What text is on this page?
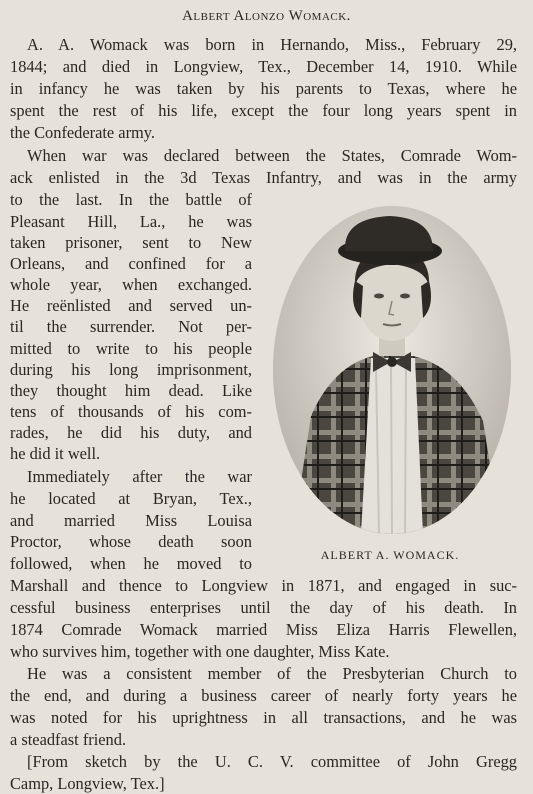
Albert Alonzo Womack.
A. A. Womack was born in Hernando, Miss., February 29,
1844; and died in Longview, Tex., December 14, 1910. While
in infancy he was taken by his parents to Texas, where he
spent the rest of his life, except the four long years spent in
the Confederate army.
When war was declared between the States, Comrade Wom-
ack enlisted in the 3d Texas Infantry, and was in the army
to the last. In the battle of
Pleasant Hill, La., he was
taken prisoner, sent to New
Orleans, and confined for a
whole year, when exchanged.
He reënlisted and served un-
til the surrender. Not per-
mitted to write to his people
during his long imprisonment,
they thought him dead. Like
tens of thousands of his com-
rades, he did his duty, and
he did it well.
Immediately after the war
he located at Bryan, Tex.,
and married Miss Louisa
Proctor, whose death soon
followed, when he moved to
Marshall and thence to Longview in 1871, and engaged in suc-
cessful business enterprises until the day of his death. In
1874 Comrade Womack married Miss Eliza Harris Flewellen,
who survives him, together with one daughter, Miss Kate.
He was a consistent member of the Presbyterian Church to
the end, and during a business career of nearly forty years he
was noted for his uprightness in all transactions, and he was
a steadfast friend.
[From sketch by the U. C. V. committee of John Gregg
Camp, Longview, Tex.]
ALBERT A. WOMACK.
